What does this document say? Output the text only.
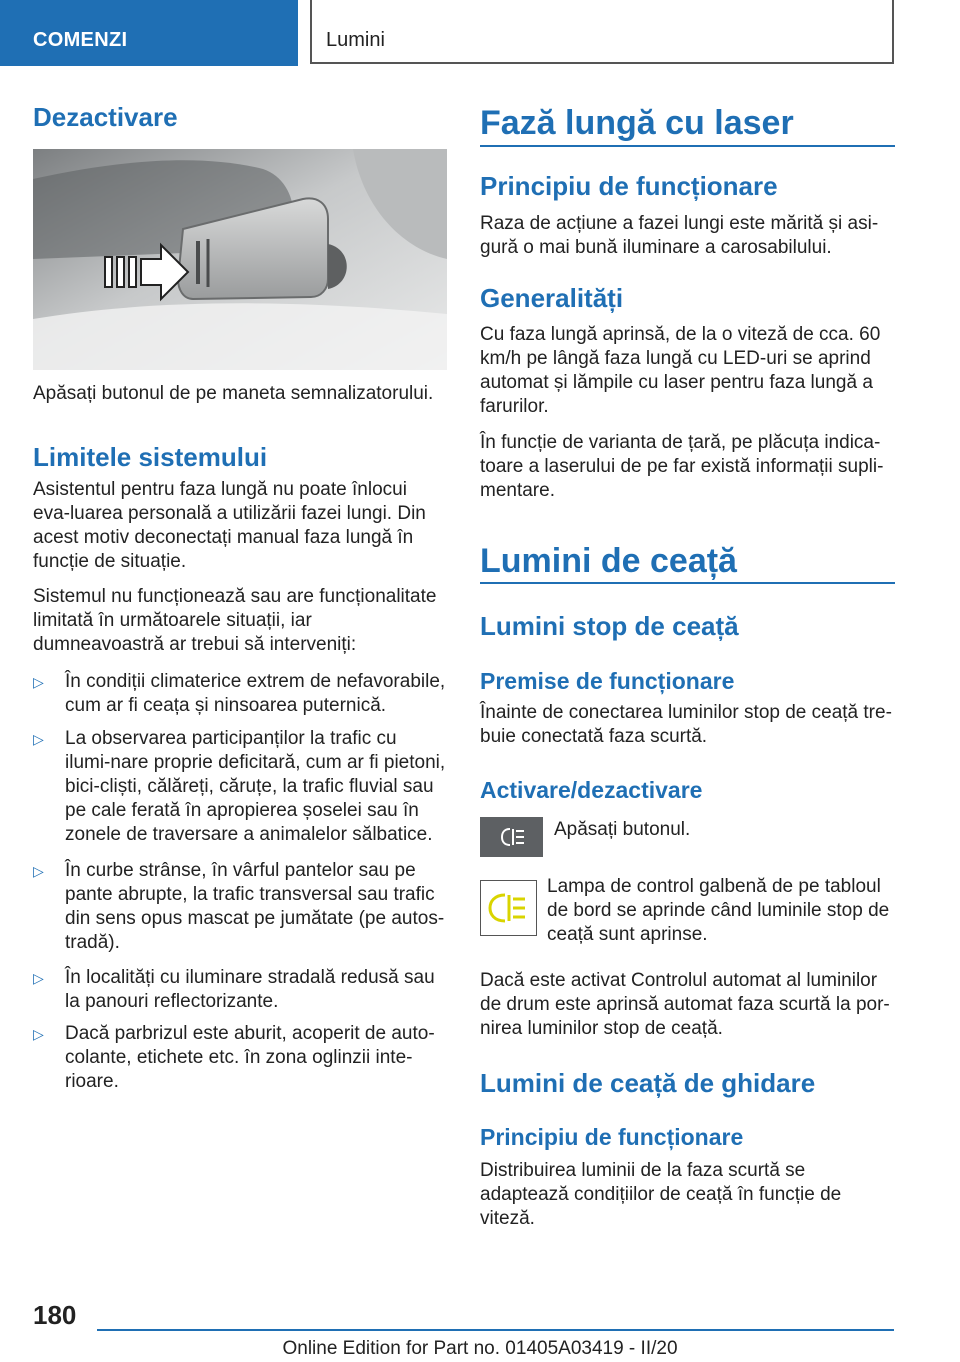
COMENZI	Lumini
Dezactivare

Apăsați butonul de pe maneta semnalizatorului.

Limitele sistemului

Asistentul pentru faza lungă nu poate înlocui eva-luarea personală a utilizării fazei lungi. Din acest motiv deconectați manual faza lungă în funcție de situație.

Sistemul nu funcționează sau are funcționalitate limitată în următoarele situații, iar dumneavoastră ar trebui să interveniți:

▷ În condiții climaterice extrem de nefavorabile, cum ar fi ceața și ninsoarea puternică.
▷ La observarea participanților la trafic cu ilumi-nare proprie deficitară, cum ar fi pietoni, bici-cliști, călăreți, căruțe, la trafic fluvial sau pe cale ferată în apropierea șoselei sau în zonele de traversare a animalelor sălbatice.
▷ În curbe strânse, în vârful pantelor sau pe pante abrupte, la trafic transversal sau trafic din sens opus mascat pe jumătate (pe autos-tradă).
▷ În localități cu iluminare stradală redusă sau la panouri reflectorizante.
▷ Dacă parbrizul este aburit, acoperit de auto-colante, etichete etc. în zona oglinzii inte-rioare.
Fază lungă cu laser
Principiu de funcționare

Raza de acțiune a fazei lungi este mărită și asi-gură o mai bună iluminare a carosabilului.

Generalități

Cu faza lungă aprinsă, de la o viteză de cca. 60 km/h pe lângă faza lungă cu LED-uri se aprind automat și lămpile cu laser pentru faza lungă a farurilor.

În funcție de varianta de țară, pe plăcuța indica-toare a laserului de pe far există informații supli-mentare.

Lumini de ceață
Lumini stop de ceață
Premise de funcționare

Înainte de conectarea luminilor stop de ceață tre-buie conectată faza scurtă.

Activare/dezactivare

Apăsați butonul.

Lampa de control galbenă de pe tabloul de bord se aprinde când luminile stop de ceață sunt aprinse.

Dacă este activat Controlul automat al luminilor de drum este aprinsă automat faza scurtă la por-nirea luminilor stop de ceață.

Lumini de ceață de ghidare
Principiu de funcționare

Distribuirea luminii de la faza scurtă se adaptează condițiilor de ceață în funcție de viteză.

180
Online Edition for Part no. 01405A03419 - II/20
